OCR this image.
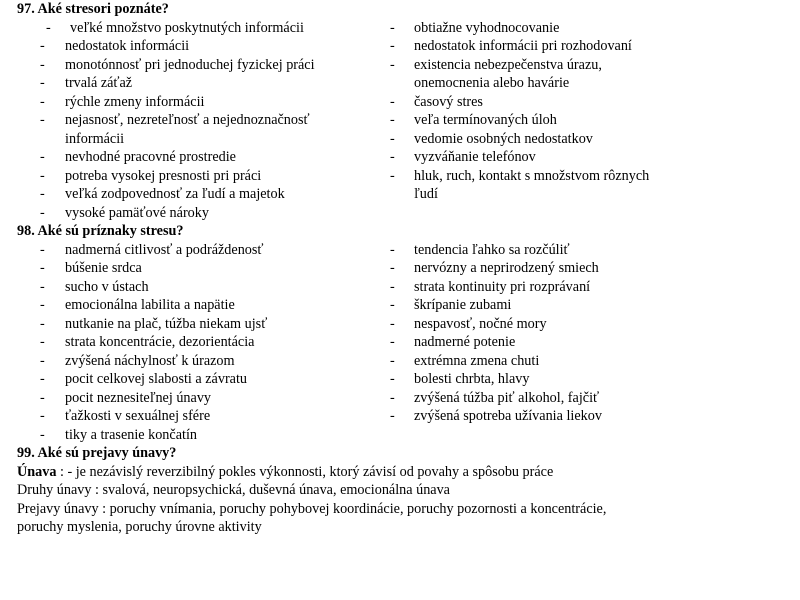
97. Aké stresori poznáte?
- veľké množstvo poskytnutých informácii	- obtiažne vyhodnocovanie
- nedostatok informácii	- nedostatok informácii pri rozhodovaní
- monotónnosť pri jednoduchej fyzickej práci	- existencia nebezpečenstva úrazu,
- trvalá záťaž	onemocnenia alebo havárie
- rýchle zmeny informácii	- časový stres
- nejasnosť, nezreteľnosť a nejednoznačnosť	- veľa termínovaných úloh
informácii	- vedomie osobných nedostatkov
- nevhodné pracovné prostredie	- vyzváňanie telefónov
- potreba vysokej presnosti pri práci	- hluk, ruch, kontakt s množstvom rôznych
- veľká zodpovednosť za ľudí a majetok	ľudí
- vysoké pamäťové nároky
98. Aké sú príznaky stresu?
- nadmerná citlivosť a podráždenosť	- tendencia ľahko sa rozčúliť
- búšenie srdca	- nervózny a neprirodzený smiech
- sucho v ústach	- strata kontinuity pri rozprávaní
- emocionálna labilita a napätie	- škrípanie zubami
- nutkanie na plač, túžba niekam ujsť	- nespavosť, nočné mory
- strata koncentrácie, dezorientácia	- nadmerné potenie
- zvýšená náchylnosť k úrazom	- extrémna zmena chuti
- pocit celkovej slabosti a závratu	- bolesti chrbta, hlavy
- pocit neznesiteľnej únavy	- zvýšená túžba piť alkohol, fajčiť
- ťažkosti v sexuálnej sfére	- zvýšená spotreba užívania liekov
- tiky a trasenie končatín
99. Aké sú prejavy únavy?
Únava : - je nezávislý reverzibilný pokles výkonnosti, ktorý závisí od povahy a spôsobu práce
Druhy únavy : svalová, neuropsychická, duševná únava, emocionálna únava
Prejavy únavy : poruchy vnímania, poruchy pohybovej koordinácie, poruchy pozornosti a koncentrácie,
poruchy myslenia, poruchy úrovne aktivity
